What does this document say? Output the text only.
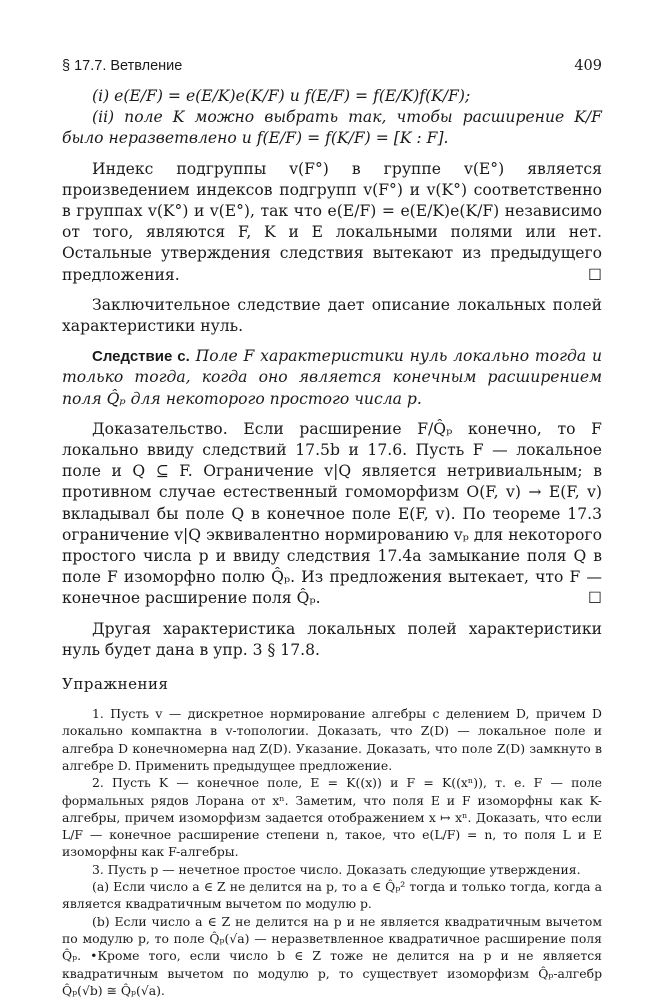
§ 17.7. Ветвление	409

(i) e(E/F) = e(E/K)e(K/F) и f(E/F) = f(E/K)f(K/F);

(ii) поле K можно выбрать так, чтобы расширение K/F было неразветвлено и f(E/F) = f(K/F) = [K : F].

Индекс подгруппы v(F°) в группе v(E°) является произведением индексов подгрупп v(F°) и v(K°) соответственно в группах v(K°) и v(E°), так что e(E/F) = e(E/K)e(K/F) независимо от того, являются F, K и E локальными полями или нет. Остальные утверждения следствия вытекают из предыдущего предложения.	☐

Заключительное следствие дает описание локальных полей характеристики нуль.

Следствие c. Поле F характеристики нуль локально тогда и только тогда, когда оно является конечным расширением поля Q̂ₚ для некоторого простого числа p.

Доказательство. Если расширение F/Q̂ₚ конечно, то F локально ввиду следствий 17.5b и 17.6. Пусть F — локальное поле и Q ⊆ F. Ограничение v|Q является нетривиальным; в противном случае естественный гомоморфизм O(F, v) → E(F, v) вкладывал бы поле Q в конечное поле E(F, v). По теореме 17.3 ограничение v|Q эквивалентно нормированию vₚ для некоторого простого числа p и ввиду следствия 17.4a замыкание поля Q в поле F изоморфно полю Q̂ₚ. Из предложения вытекает, что F — конечное расширение поля Q̂ₚ.	☐

Другая характеристика локальных полей характеристики нуль будет дана в упр. 3 § 17.8.

Упражнения

1. Пусть v — дискретное нормирование алгебры с делением D, причем D локально компактна в v-топологии. Доказать, что Z(D) — локальное поле и алгебра D конечномерна над Z(D). Указание. Доказать, что поле Z(D) замкнуто в алгебре D. Применить предыдущее предложение.

2. Пусть K — конечное поле, E = K((x)) и F = K((xⁿ)), т. е. F — поле формальных рядов Лорана от xⁿ. Заметим, что поля E и F изоморфны как K-алгебры, причем изоморфизм задается отображением x ↦ xⁿ. Доказать, что если L/F — конечное расширение степени n, такое, что e(L/F) = n, то поля L и E изоморфны как F-алгебры.

3. Пусть p — нечетное простое число. Доказать следующие утверждения.

(a) Если число a ∈ Z не делится на p, то a ∈ Q̂ₚ² тогда и только тогда, когда a является квадратичным вычетом по модулю p.

(b) Если число a ∈ Z не делится на p и не является квадратичным вычетом по модулю p, то поле Q̂ₚ(√a) — неразветвленное квадратичное расширение поля Q̂ₚ. •Кроме того, если число b ∈ Z тоже не делится на p и не является квадратичным вычетом по модулю p, то существует изоморфизм Q̂ₚ-алгебр Q̂ₚ(√b) ≅ Q̂ₚ(√a).
